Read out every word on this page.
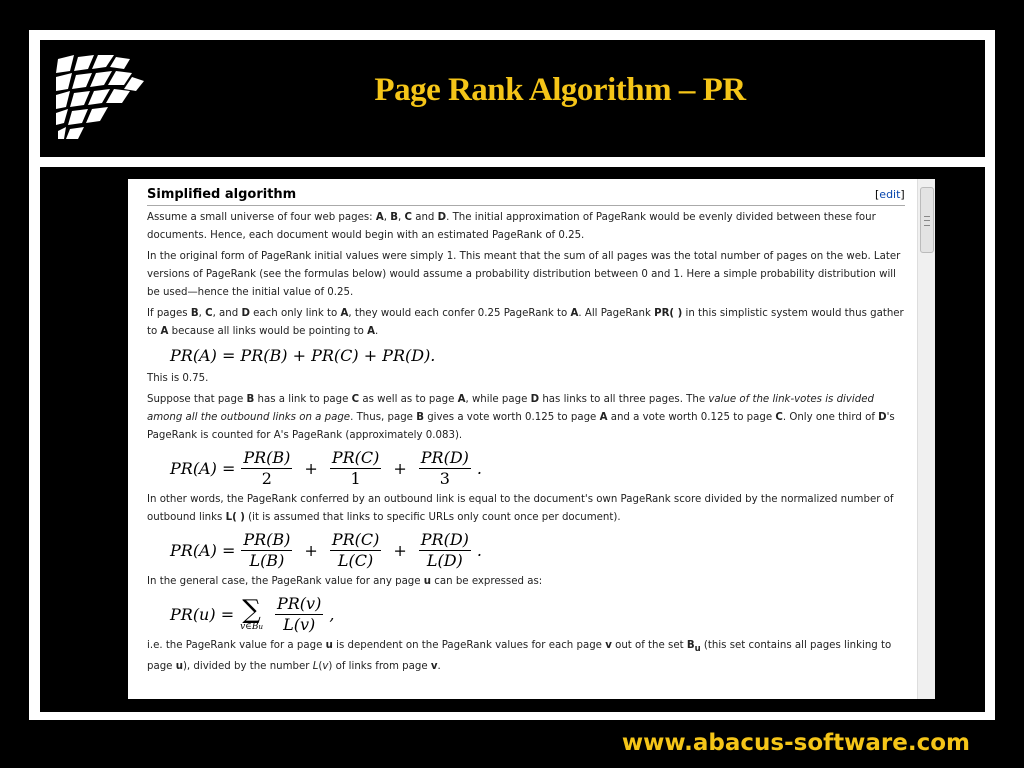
Page Rank Algorithm – PR
Simplified algorithm	[edit]

Assume a small universe of four web pages: A, B, C and D. The initial approximation of PageRank would be evenly divided between these four documents. Hence, each document would begin with an estimated PageRank of 0.25.

In the original form of PageRank initial values were simply 1. This meant that the sum of all pages was the total number of pages on the web. Later versions of PageRank (see the formulas below) would assume a probability distribution between 0 and 1. Here a simple probability distribution will be used—hence the initial value of 0.25.

If pages B, C, and D each only link to A, they would each confer 0.25 PageRank to A. All PageRank PR( ) in this simplistic system would thus gather to A because all links would be pointing to A.

PR(A) = PR(B) + PR(C) + PR(D).

This is 0.75.

Suppose that page B has a link to page C as well as to page A, while page D has links to all three pages. The value of the link-votes is divided among all the outbound links on a page. Thus, page B gives a vote worth 0.125 to page A and a vote worth 0.125 to page C. Only one third of D's PageRank is counted for A's PageRank (approximately 0.083).

$PR(A) = \frac{PR(B)}{2} + \frac{PR(C)}{1} + \frac{PR(D)}{3}$ .

In other words, the PageRank conferred by an outbound link is equal to the document's own PageRank score divided by the normalized number of outbound links L( ) (it is assumed that links to specific URLs only count once per document).

$PR(A) = \frac{PR(B)}{L(B)} + \frac{PR(C)}{L(C)} + \frac{PR(D)}{L(D)}$ .

In the general case, the PageRank value for any page u can be expressed as:

PR(u) = ∑
v∈Bu $\frac{PR(v)}{L(v)}$ ,

i.e. the PageRank value for a page u is dependent on the PageRank values for each page v out of the set $B_u$ (this set contains all pages linking to page u), divided by the number L(v) of links from page v.

www.abacus-software.com
